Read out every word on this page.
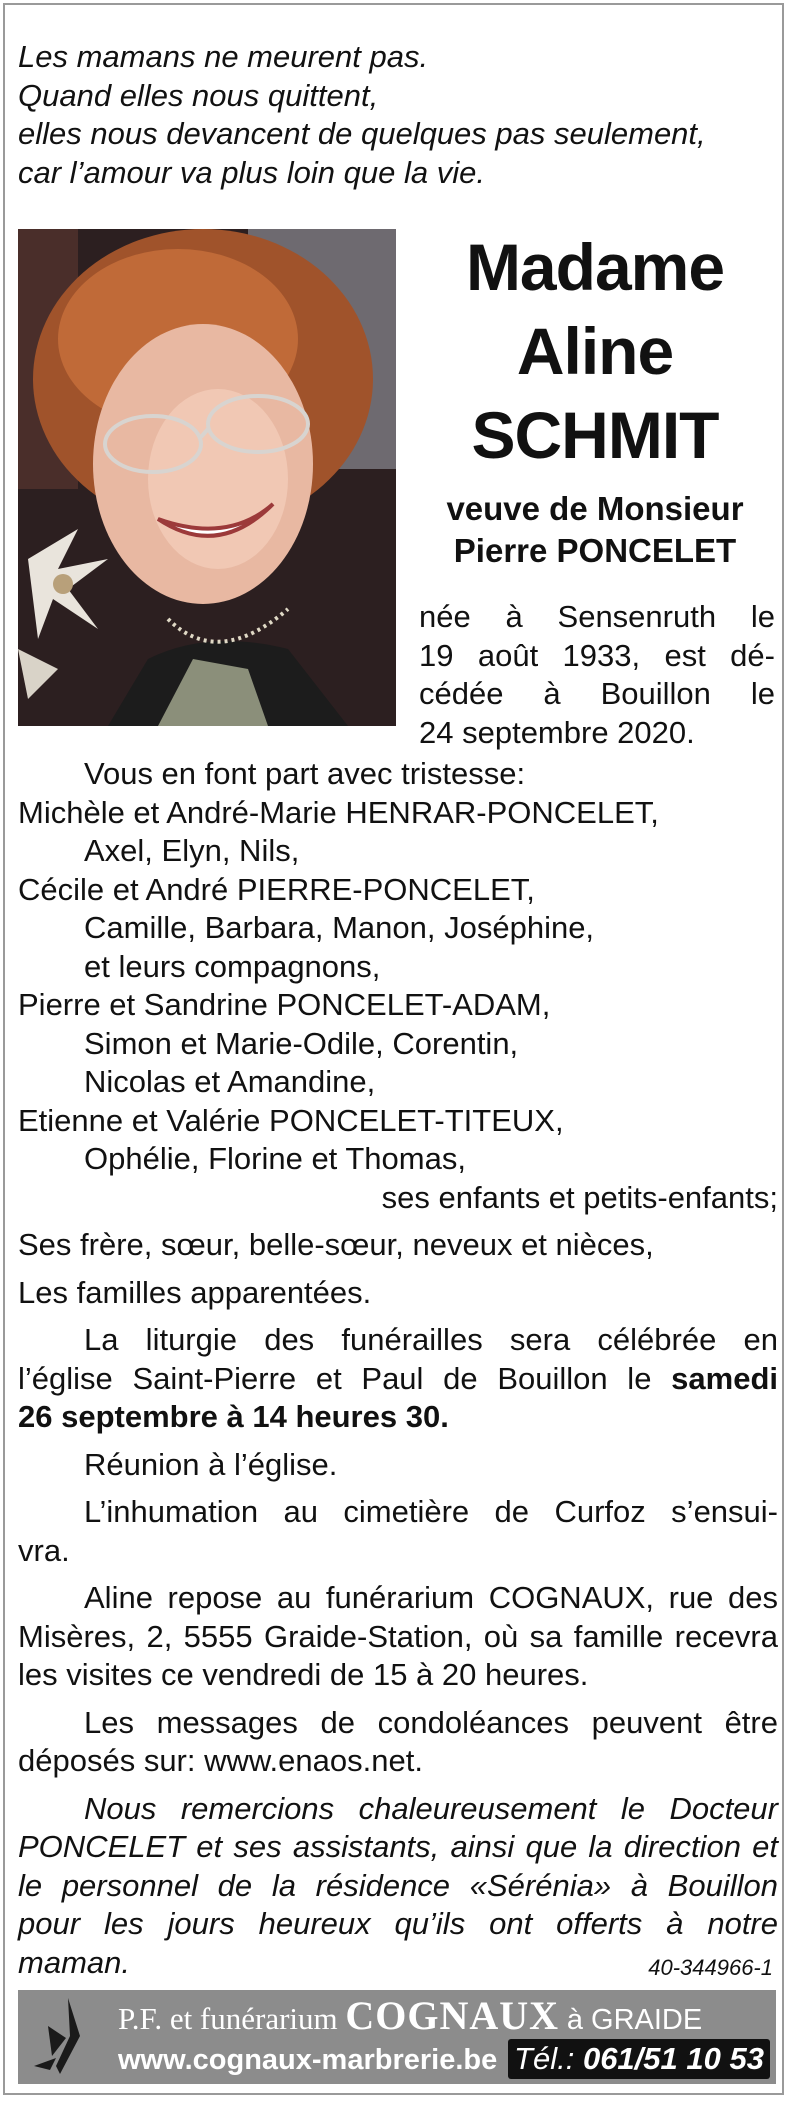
Les mamans ne meurent pas.
Quand elles nous quittent,
elles nous devancent de quelques pas seulement,
car l’amour va plus loin que la vie.
Madame
Aline
SCHMIT
veuve de Monsieur
Pierre PONCELET
née à Sensenruth le
19 août 1933, est dé-
cédée à Bouillon le
24 septembre 2020.
Vous en font part avec tristesse:
Michèle et André-Marie HENRAR-PONCELET,
Axel, Elyn, Nils,
Cécile et André PIERRE-PONCELET,
Camille, Barbara, Manon, Joséphine,
et leurs compagnons,
Pierre et Sandrine PONCELET-ADAM,
Simon et Marie-Odile, Corentin,
Nicolas et Amandine,
Etienne et Valérie PONCELET-TITEUX,
Ophélie, Florine et Thomas,
ses enfants et petits-enfants;
Ses frère, sœur, belle-sœur, neveux et nièces,
Les familles apparentées.
La liturgie des funérailles sera célébrée en
l’église Saint-Pierre et Paul de Bouillon le samedi
26 septembre à 14 heures 30.
Réunion à l’église.
L’inhumation au cimetière de Curfoz s’ensui-
vra.
Aline repose au funérarium COGNAUX, rue des
Misères, 2, 5555 Graide-Station, où sa famille recevra
les visites ce vendredi de 15 à 20 heures.
Les messages de condoléances peuvent être
déposés sur: www.enaos.net.
Nous remercions chaleureusement le Docteur
PONCELET et ses assistants, ainsi que la direction et
le personnel de la résidence «Sérénia» à Bouillon
pour les jours heureux qu’ils ont offerts à notre
maman.	40-344966-1
P.F. et funérarium COGNAUX à GRAIDE
www.cognaux-marbrerie.be Tél.: 061/51 10 53
